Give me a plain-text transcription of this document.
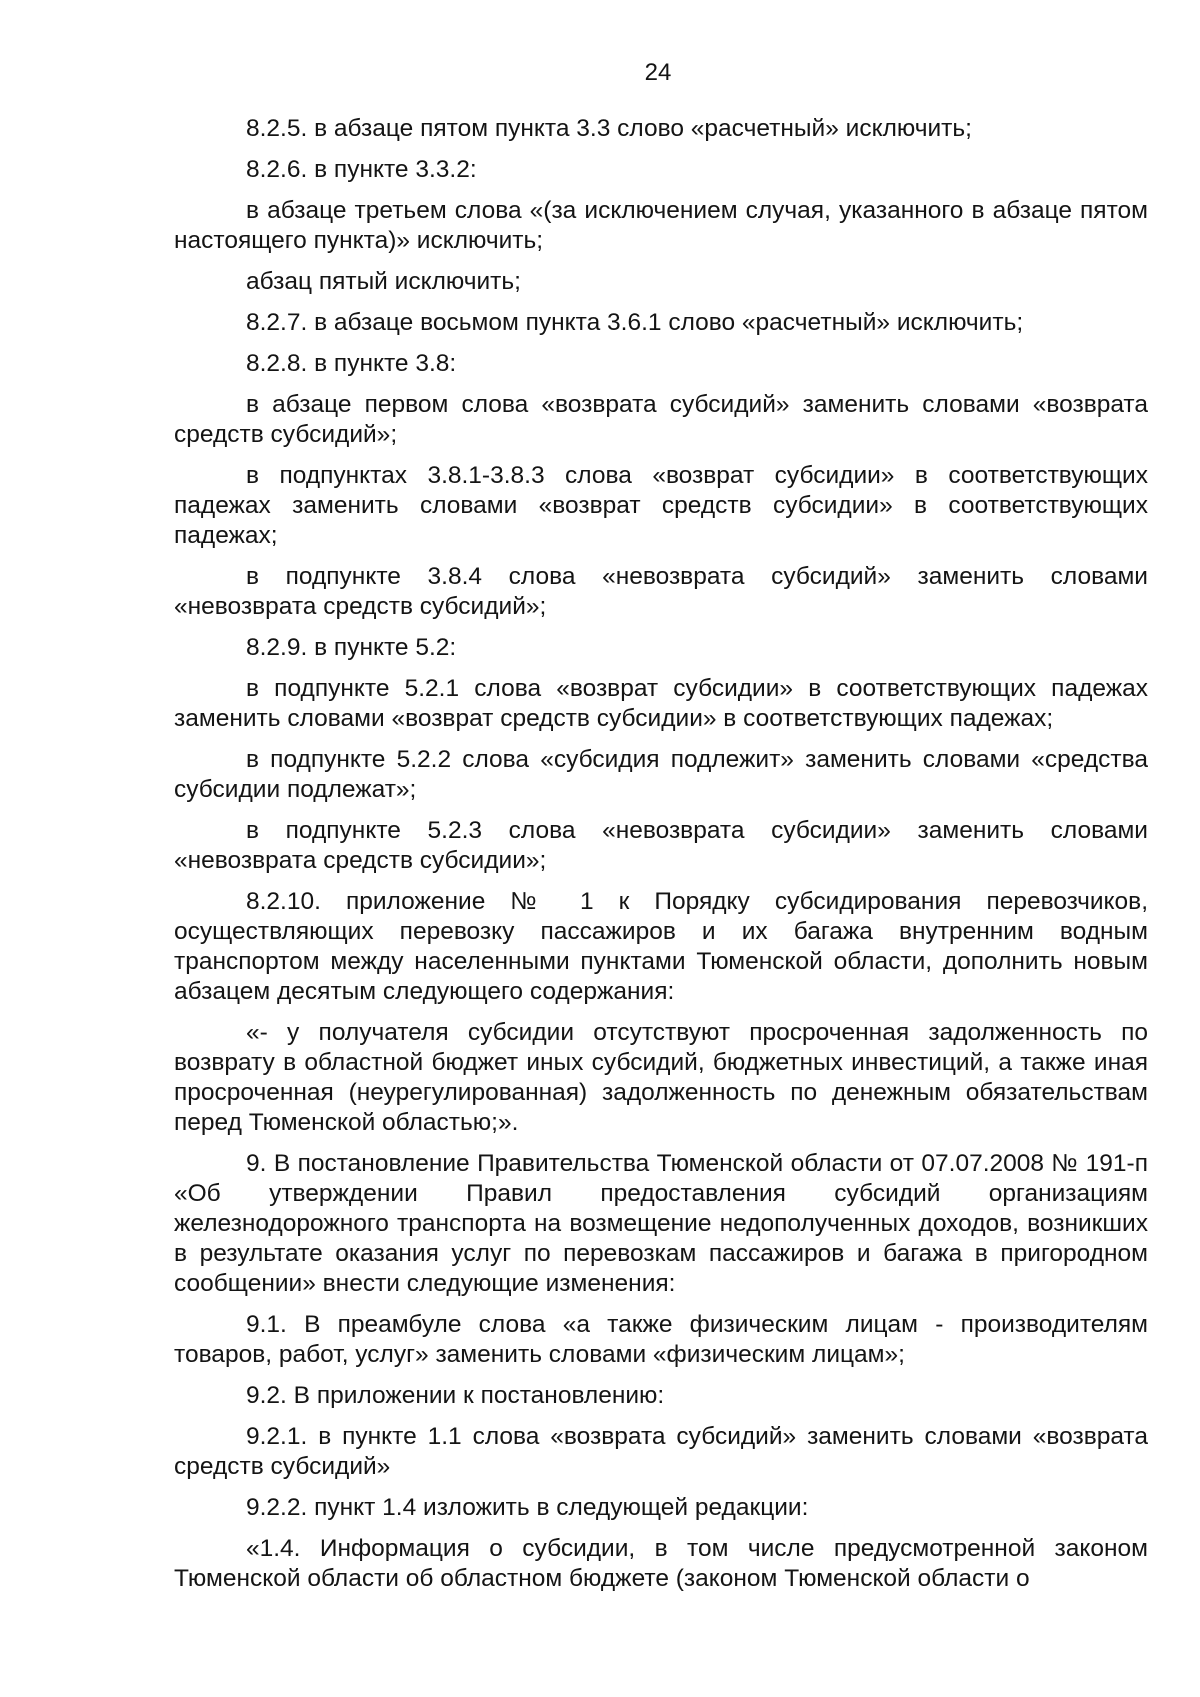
24

8.2.5. в абзаце пятом пункта 3.3 слово «расчетный» исключить;

8.2.6. в пункте 3.3.2:

в абзаце третьем слова «(за исключением случая, указанного в абзаце пятом настоящего пункта)» исключить;

абзац пятый исключить;

8.2.7. в абзаце восьмом пункта 3.6.1 слово «расчетный» исключить;

8.2.8. в пункте 3.8:

в абзаце первом слова «возврата субсидий» заменить словами «возврата средств субсидий»;

в подпунктах 3.8.1-3.8.3 слова «возврат субсидии» в соответствующих падежах заменить словами «возврат средств субсидии» в соответствующих падежах;

в подпункте 3.8.4 слова «невозврата субсидий» заменить словами «невозврата средств субсидий»;

8.2.9. в пункте 5.2:

в подпункте 5.2.1 слова «возврат субсидии» в соответствующих падежах заменить словами «возврат средств субсидии» в соответствующих падежах;

в подпункте 5.2.2 слова «субсидия подлежит» заменить словами «средства субсидии подлежат»;

в подпункте 5.2.3 слова «невозврата субсидии» заменить словами «невозврата средств субсидии»;

8.2.10. приложение № 1 к Порядку субсидирования перевозчиков, осуществляющих перевозку пассажиров и их багажа внутренним водным транспортом между населенными пунктами Тюменской области, дополнить новым абзацем десятым следующего содержания:

«- у получателя субсидии отсутствуют просроченная задолженность по возврату в областной бюджет иных субсидий, бюджетных инвестиций, а также иная просроченная (неурегулированная) задолженность по денежным обязательствам перед Тюменской областью;».

9. В постановление Правительства Тюменской области от 07.07.2008 № 191-п «Об утверждении Правил предоставления субсидий организациям железнодорожного транспорта на возмещение недополученных доходов, возникших в результате оказания услуг по перевозкам пассажиров и багажа в пригородном сообщении» внести следующие изменения:

9.1. В преамбуле слова «а также физическим лицам - производителям товаров, работ, услуг» заменить словами «физическим лицам»;

9.2. В приложении к постановлению:

9.2.1. в пункте 1.1 слова «возврата субсидий» заменить словами «возврата средств субсидий»

9.2.2. пункт 1.4 изложить в следующей редакции:

«1.4. Информация о субсидии, в том числе предусмотренной законом Тюменской области об областном бюджете (законом Тюменской области о
